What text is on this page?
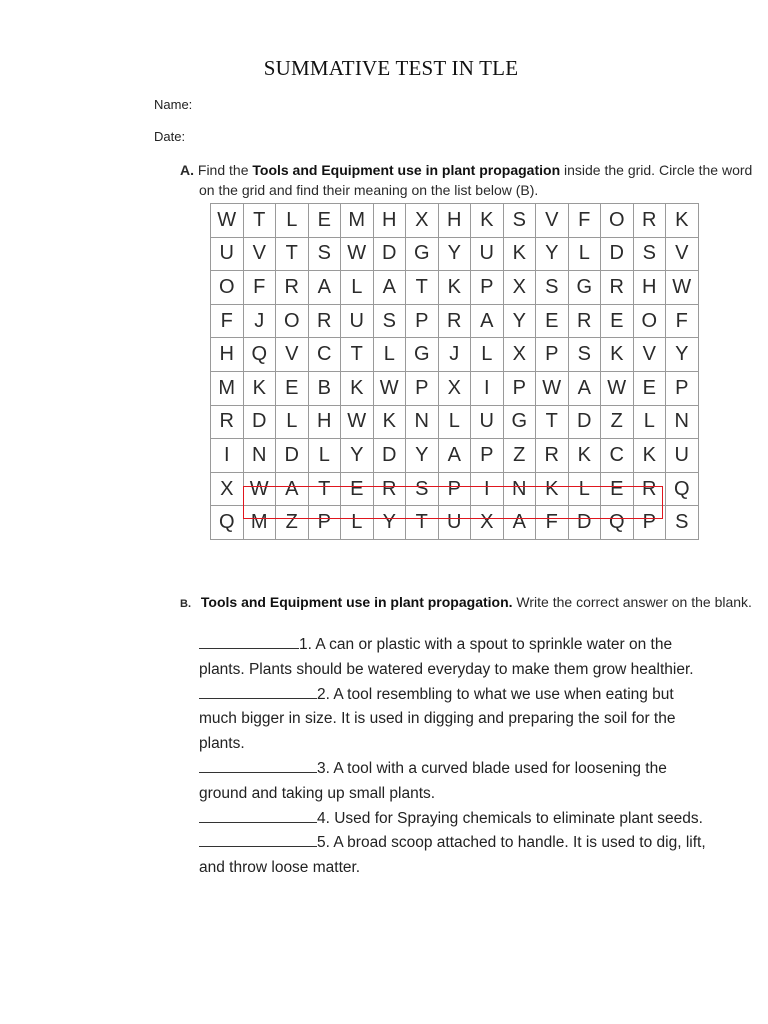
SUMMATIVE TEST IN TLE
Name:
Date:
A. Find the Tools and Equipment use in plant propagation inside the grid. Circle the word
on the grid and find their meaning on the list below (B).
W	T	L	E	M	H	X	H	K	S	V	F	O	R	K
U	V	T	S	W	D	G	Y	U	K	Y	L	D	S	V
O	F	R	A	L	A	T	K	P	X	S	G	R	H	W
F	J	O	R	U	S	P	R	A	Y	E	R	E	O	F
H	Q	V	C	T	L	G	J	L	X	P	S	K	V	Y
M	K	E	B	K	W	P	X	I	P	W	A	W	E	P
R	D	L	H	W	K	N	L	U	G	T	D	Z	L	N
I	N	D	L	Y	D	Y	A	P	Z	R	K	C	K	U
X	W	A	T	E	R	S	P	I	N	K	L	E	R	Q
Q	M	Z	P	L	Y	T	U	X	A	F	D	Q	P	S
B. Tools and Equipment use in plant propagation. Write the correct answer on the blank.
1. A can or plastic with a spout to sprinkle water on the
plants. Plants should be watered everyday to make them grow healthier.
2. A tool resembling to what we use when eating but
much bigger in size. It is used in digging and preparing the soil for the
plants.
3. A tool with a curved blade used for loosening the
ground and taking up small plants.
4. Used for Spraying chemicals to eliminate plant seeds.
5. A broad scoop attached to handle. It is used to dig, lift,
and throw loose matter.
